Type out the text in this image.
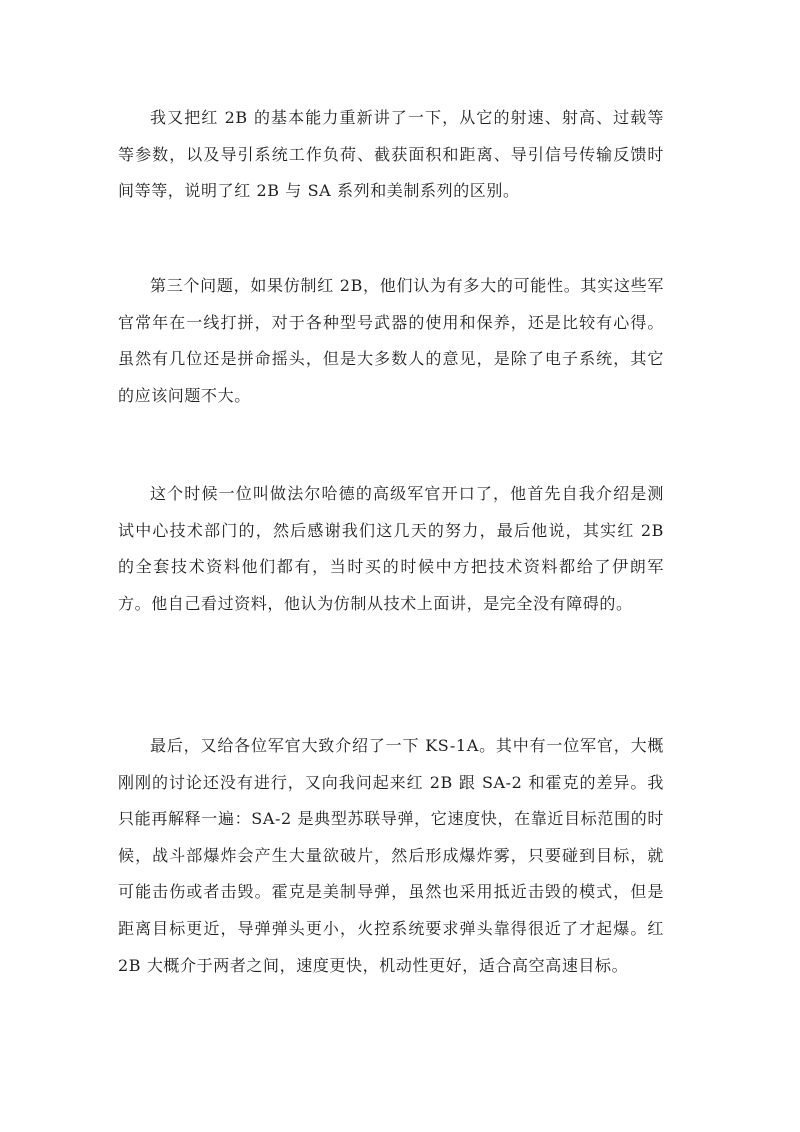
我又把红 2B 的基本能力重新讲了一下，从它的射速、射高、过载等等参数，以及导引系统工作负荷、截获面积和距离、导引信号传输反馈时间等等，说明了红 2B 与 SA 系列和美制系列的区别。

第三个问题，如果仿制红 2B，他们认为有多大的可能性。其实这些军官常年在一线打拼，对于各种型号武器的使用和保养，还是比较有心得。虽然有几位还是拼命摇头，但是大多数人的意见，是除了电子系统，其它的应该问题不大。

这个时候一位叫做法尔哈德的高级军官开口了，他首先自我介绍是测试中心技术部门的，然后感谢我们这几天的努力，最后他说，其实红 2B 的全套技术资料他们都有，当时买的时候中方把技术资料都给了伊朗军方。他自己看过资料，他认为仿制从技术上面讲，是完全没有障碍的。

最后，又给各位军官大致介绍了一下 KS-1A。其中有一位军官，大概刚刚的讨论还没有进行，又向我问起来红 2B 跟 SA-2 和霍克的差异。我只能再解释一遍：SA-2 是典型苏联导弹，它速度快，在靠近目标范围的时候，战斗部爆炸会产生大量欲破片，然后形成爆炸雾，只要碰到目标，就可能击伤或者击毁。霍克是美制导弹，虽然也采用抵近击毁的模式，但是距离目标更近，导弹弹头更小，火控系统要求弹头靠得很近了才起爆。红 2B 大概介于两者之间，速度更快，机动性更好，适合高空高速目标。
